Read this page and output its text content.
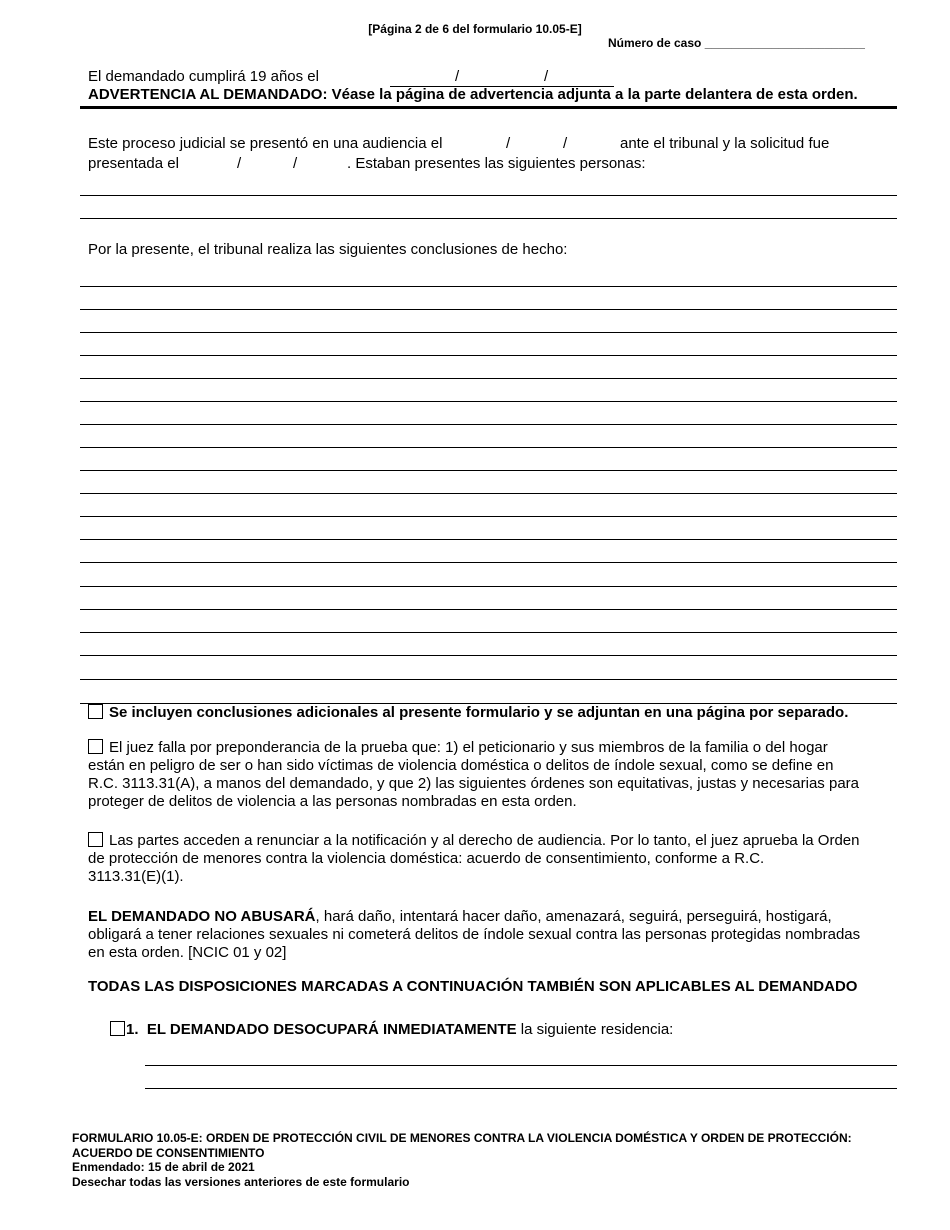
[Página 2 de 6 del formulario 10.05-E]
Número de caso ________________________
El demandado cumplirá 19 años el	/	/
ADVERTENCIA AL DEMANDADO: Véase la página de advertencia adjunta a la parte delantera de esta orden.
Este proceso judicial se presentó en una audiencia el	/	/	ante el tribunal y la solicitud fue
presentada el	/	/	. Estaban presentes las siguientes personas:
Por la presente, el tribunal realiza las siguientes conclusiones de hecho:
Se incluyen conclusiones adicionales al presente formulario y se adjuntan en una página por separado.
El juez falla por preponderancia de la prueba que: 1) el peticionario y sus miembros de la familia o del hogar
están en peligro de ser o han sido víctimas de violencia doméstica o delitos de índole sexual, como se define en
R.C. 3113.31(A), a manos del demandado, y que 2) las siguientes órdenes son equitativas, justas y necesarias para
proteger de delitos de violencia a las personas nombradas en esta orden.
Las partes acceden a renunciar a la notificación y al derecho de audiencia. Por lo tanto, el juez aprueba la Orden
de protección de menores contra la violencia doméstica: acuerdo de consentimiento, conforme a R.C.
3113.31(E)(1).
EL DEMANDADO NO ABUSARÁ, hará daño, intentará hacer daño, amenazará, seguirá, perseguirá, hostigará,
obligará a tener relaciones sexuales ni cometerá delitos de índole sexual contra las personas protegidas nombradas
en esta orden. [NCIC 01 y 02]
TODAS LAS DISPOSICIONES MARCADAS A CONTINUACIÓN TAMBIÉN SON APLICABLES AL DEMANDADO
1. EL DEMANDADO DESOCUPARÁ INMEDIATAMENTE la siguiente residencia:
FORMULARIO 10.05-E: ORDEN DE PROTECCIÓN CIVIL DE MENORES CONTRA LA VIOLENCIA DOMÉSTICA Y ORDEN DE PROTECCIÓN:
ACUERDO DE CONSENTIMIENTO
Enmendado: 15 de abril de 2021
Desechar todas las versiones anteriores de este formulario
